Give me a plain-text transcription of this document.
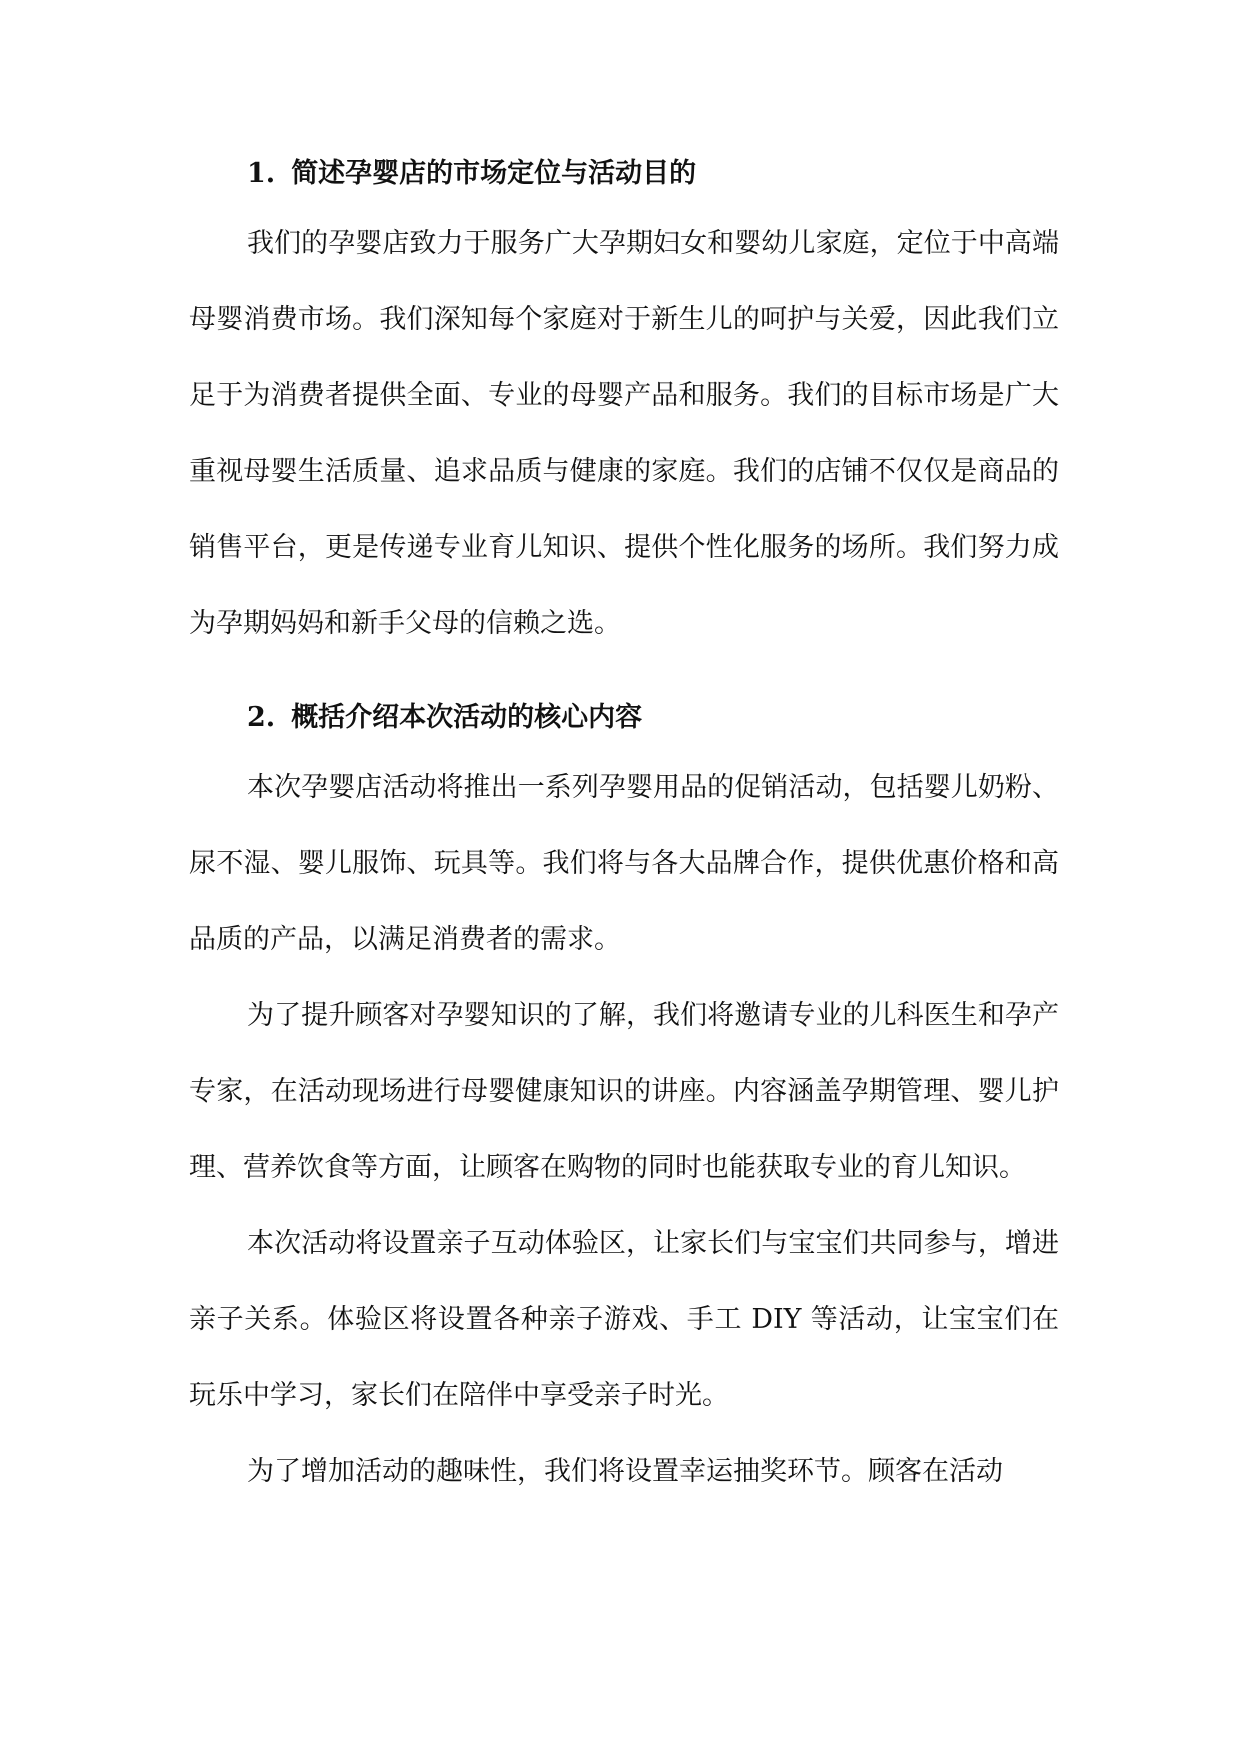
1. 简述孕婴店的市场定位与活动目的

我们的孕婴店致力于服务广大孕期妇女和婴幼儿家庭，定位于中高端母婴消费市场。我们深知每个家庭对于新生儿的呵护与关爱，因此我们立足于为消费者提供全面、专业的母婴产品和服务。我们的目标市场是广大重视母婴生活质量、追求品质与健康的家庭。我们的店铺不仅仅是商品的销售平台，更是传递专业育儿知识、提供个性化服务的场所。我们努力成为孕期妈妈和新手父母的信赖之选。

2. 概括介绍本次活动的核心内容

本次孕婴店活动将推出一系列孕婴用品的促销活动，包括婴儿奶粉、尿不湿、婴儿服饰、玩具等。我们将与各大品牌合作，提供优惠价格和高品质的产品，以满足消费者的需求。

为了提升顾客对孕婴知识的了解，我们将邀请专业的儿科医生和孕产专家，在活动现场进行母婴健康知识的讲座。内容涵盖孕期管理、婴儿护理、营养饮食等方面，让顾客在购物的同时也能获取专业的育儿知识。

本次活动将设置亲子互动体验区，让家长们与宝宝们共同参与，增进亲子关系。体验区将设置各种亲子游戏、手工 DIY 等活动，让宝宝们在玩乐中学习，家长们在陪伴中享受亲子时光。

为了增加活动的趣味性，我们将设置幸运抽奖环节。顾客在活动
